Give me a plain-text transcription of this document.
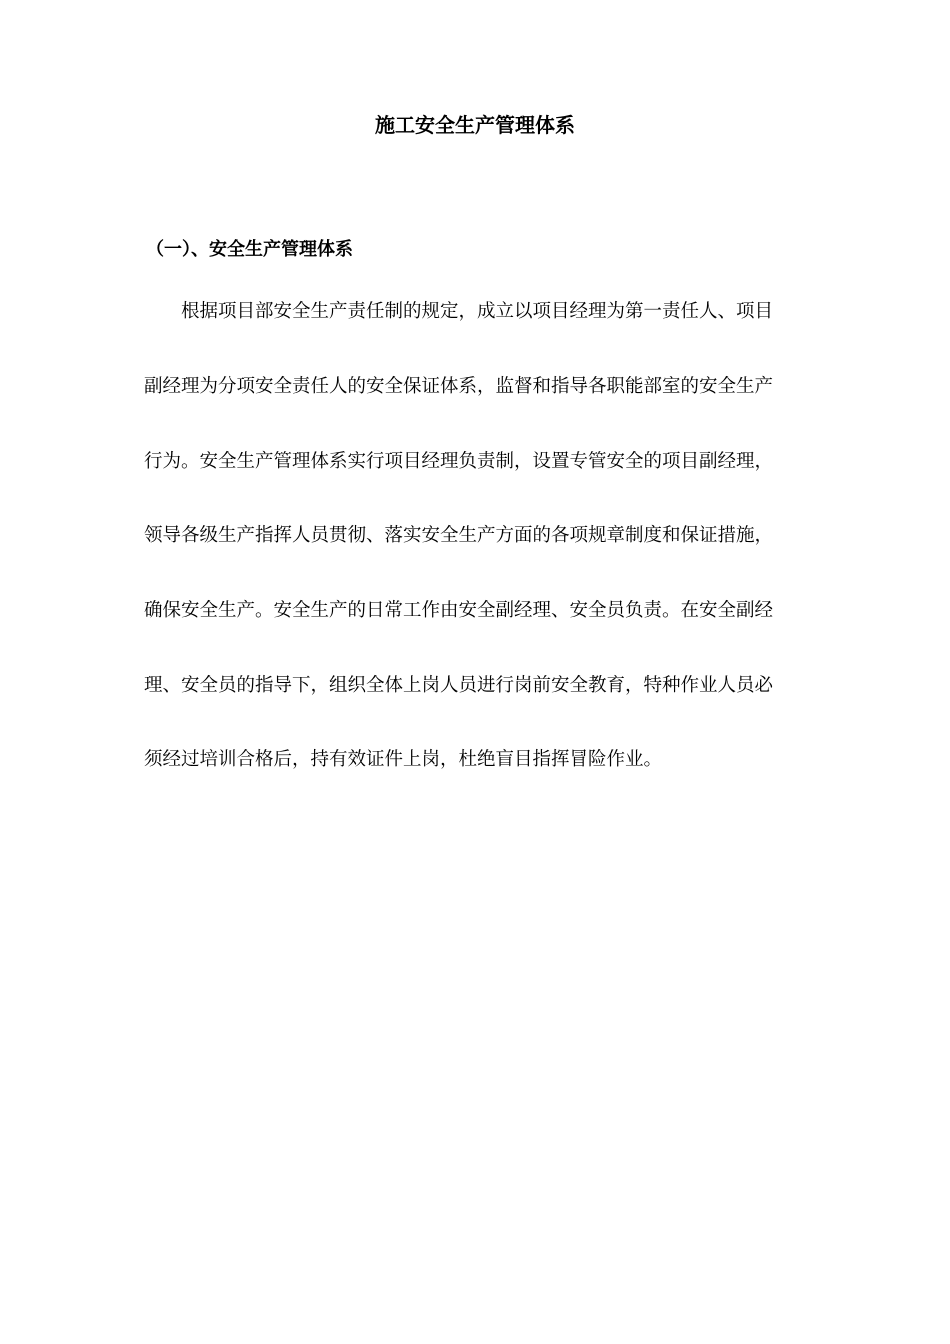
施工安全生产管理体系
（一）、安全生产管理体系
根据项目部安全生产责任制的规定，成立以项目经理为第一责任人、项目
副经理为分项安全责任人的安全保证体系，监督和指导各职能部室的安全生产
行为。安全生产管理体系实行项目经理负责制，设置专管安全的项目副经理，
领导各级生产指挥人员贯彻、落实安全生产方面的各项规章制度和保证措施，
确保安全生产。安全生产的日常工作由安全副经理、安全员负责。在安全副经
理、安全员的指导下，组织全体上岗人员进行岗前安全教育，特种作业人员必
须经过培训合格后，持有效证件上岗，杜绝盲目指挥冒险作业。
